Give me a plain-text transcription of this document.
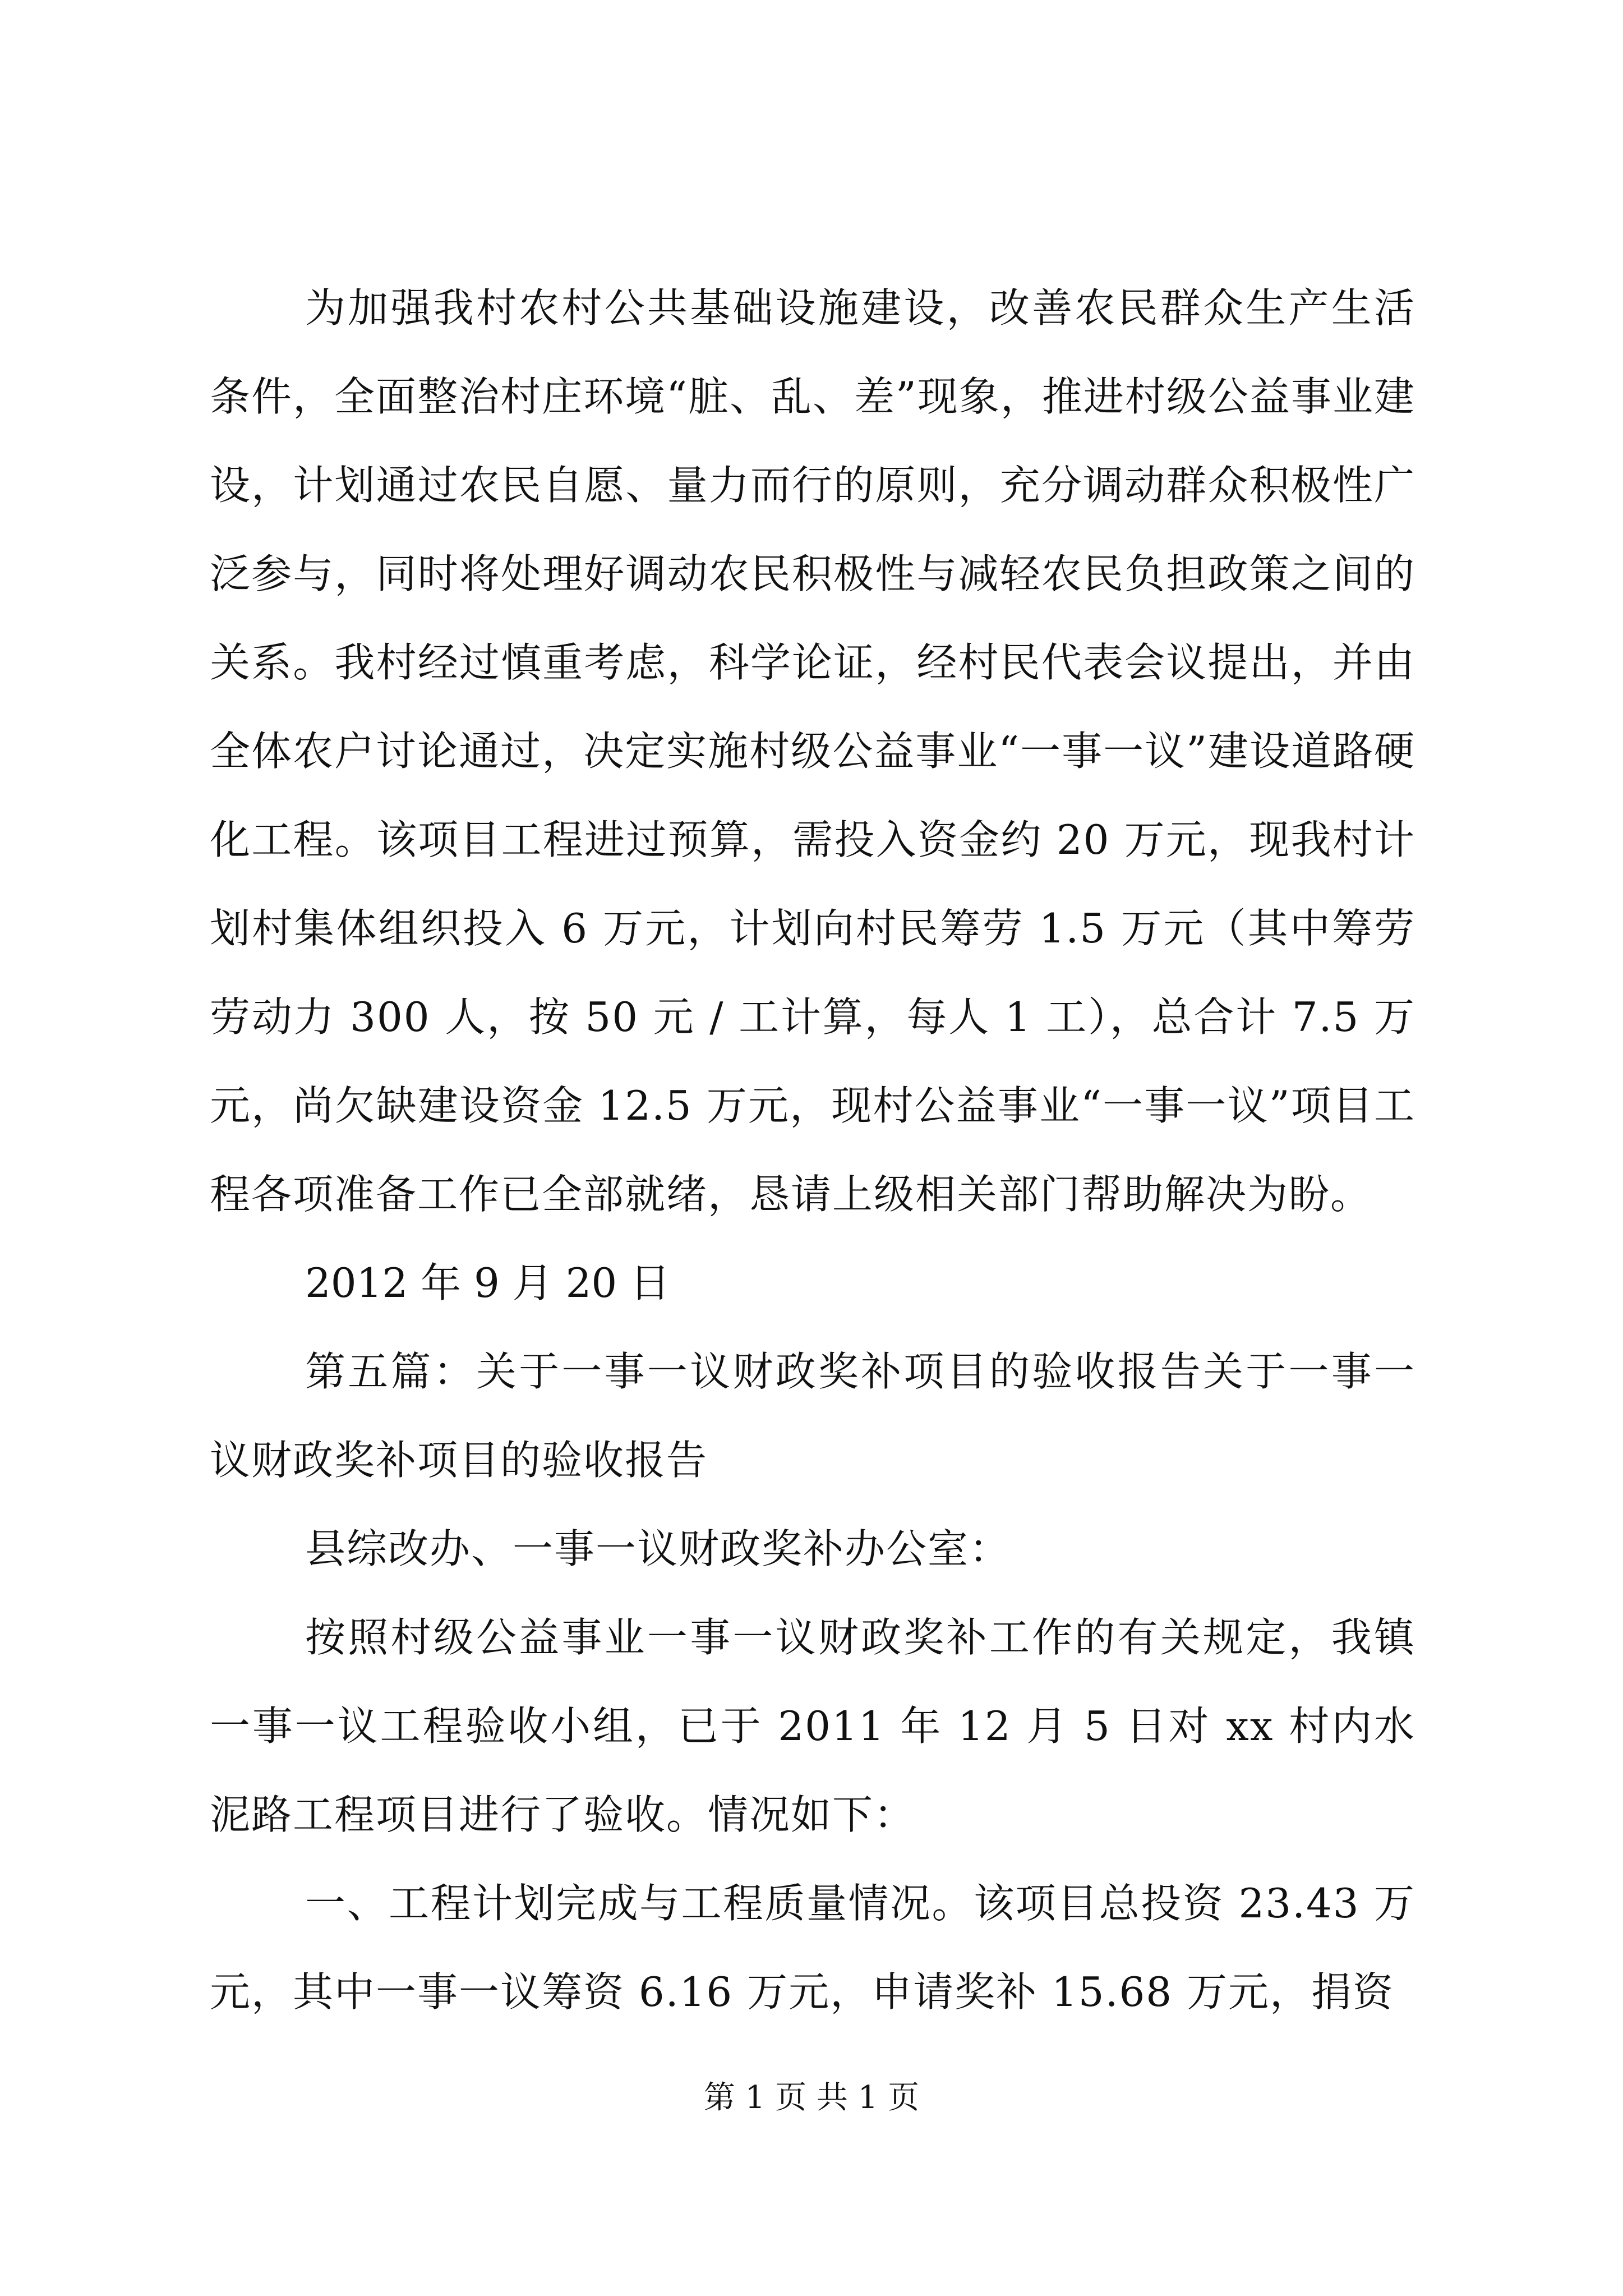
为加强我村农村公共基础设施建设，改善农民群众生产生活条件，全面整治村庄环境“脏、乱、差”现象，推进村级公益事业建设，计划通过农民自愿、量力而行的原则，充分调动群众积极性广泛参与，同时将处理好调动农民积极性与减轻农民负担政策之间的关系。我村经过慎重考虑，科学论证，经村民代表会议提出，并由全体农户讨论通过，决定实施村级公益事业“一事一议”建设道路硬化工程。该项目工程进过预算，需投入资金约 20 万元，现我村计划村集体组织投入 6 万元，计划向村民筹劳 1.5 万元（其中筹劳劳动力 300 人，按 50 元 / 工计算，每人 1 工），总合计 7.5 万元，尚欠缺建设资金 12.5 万元，现村公益事业“一事一议”项目工程各项准备工作已全部就绪，恳请上级相关部门帮助解决为盼。

2012 年 9 月 20 日

第五篇：关于一事一议财政奖补项目的验收报告关于一事一议财政奖补项目的验收报告

县综改办、一事一议财政奖补办公室：

按照村级公益事业一事一议财政奖补工作的有关规定，我镇一事一议工程验收小组，已于 2011 年 12 月 5 日对 xx 村内水泥路工程项目进行了验收。情况如下：

一、工程计划完成与工程质量情况。该项目总投资 23.43 万元，其中一事一议筹资 6.16 万元，申请奖补 15.68 万元，捐资

第 1 页 共 1 页
